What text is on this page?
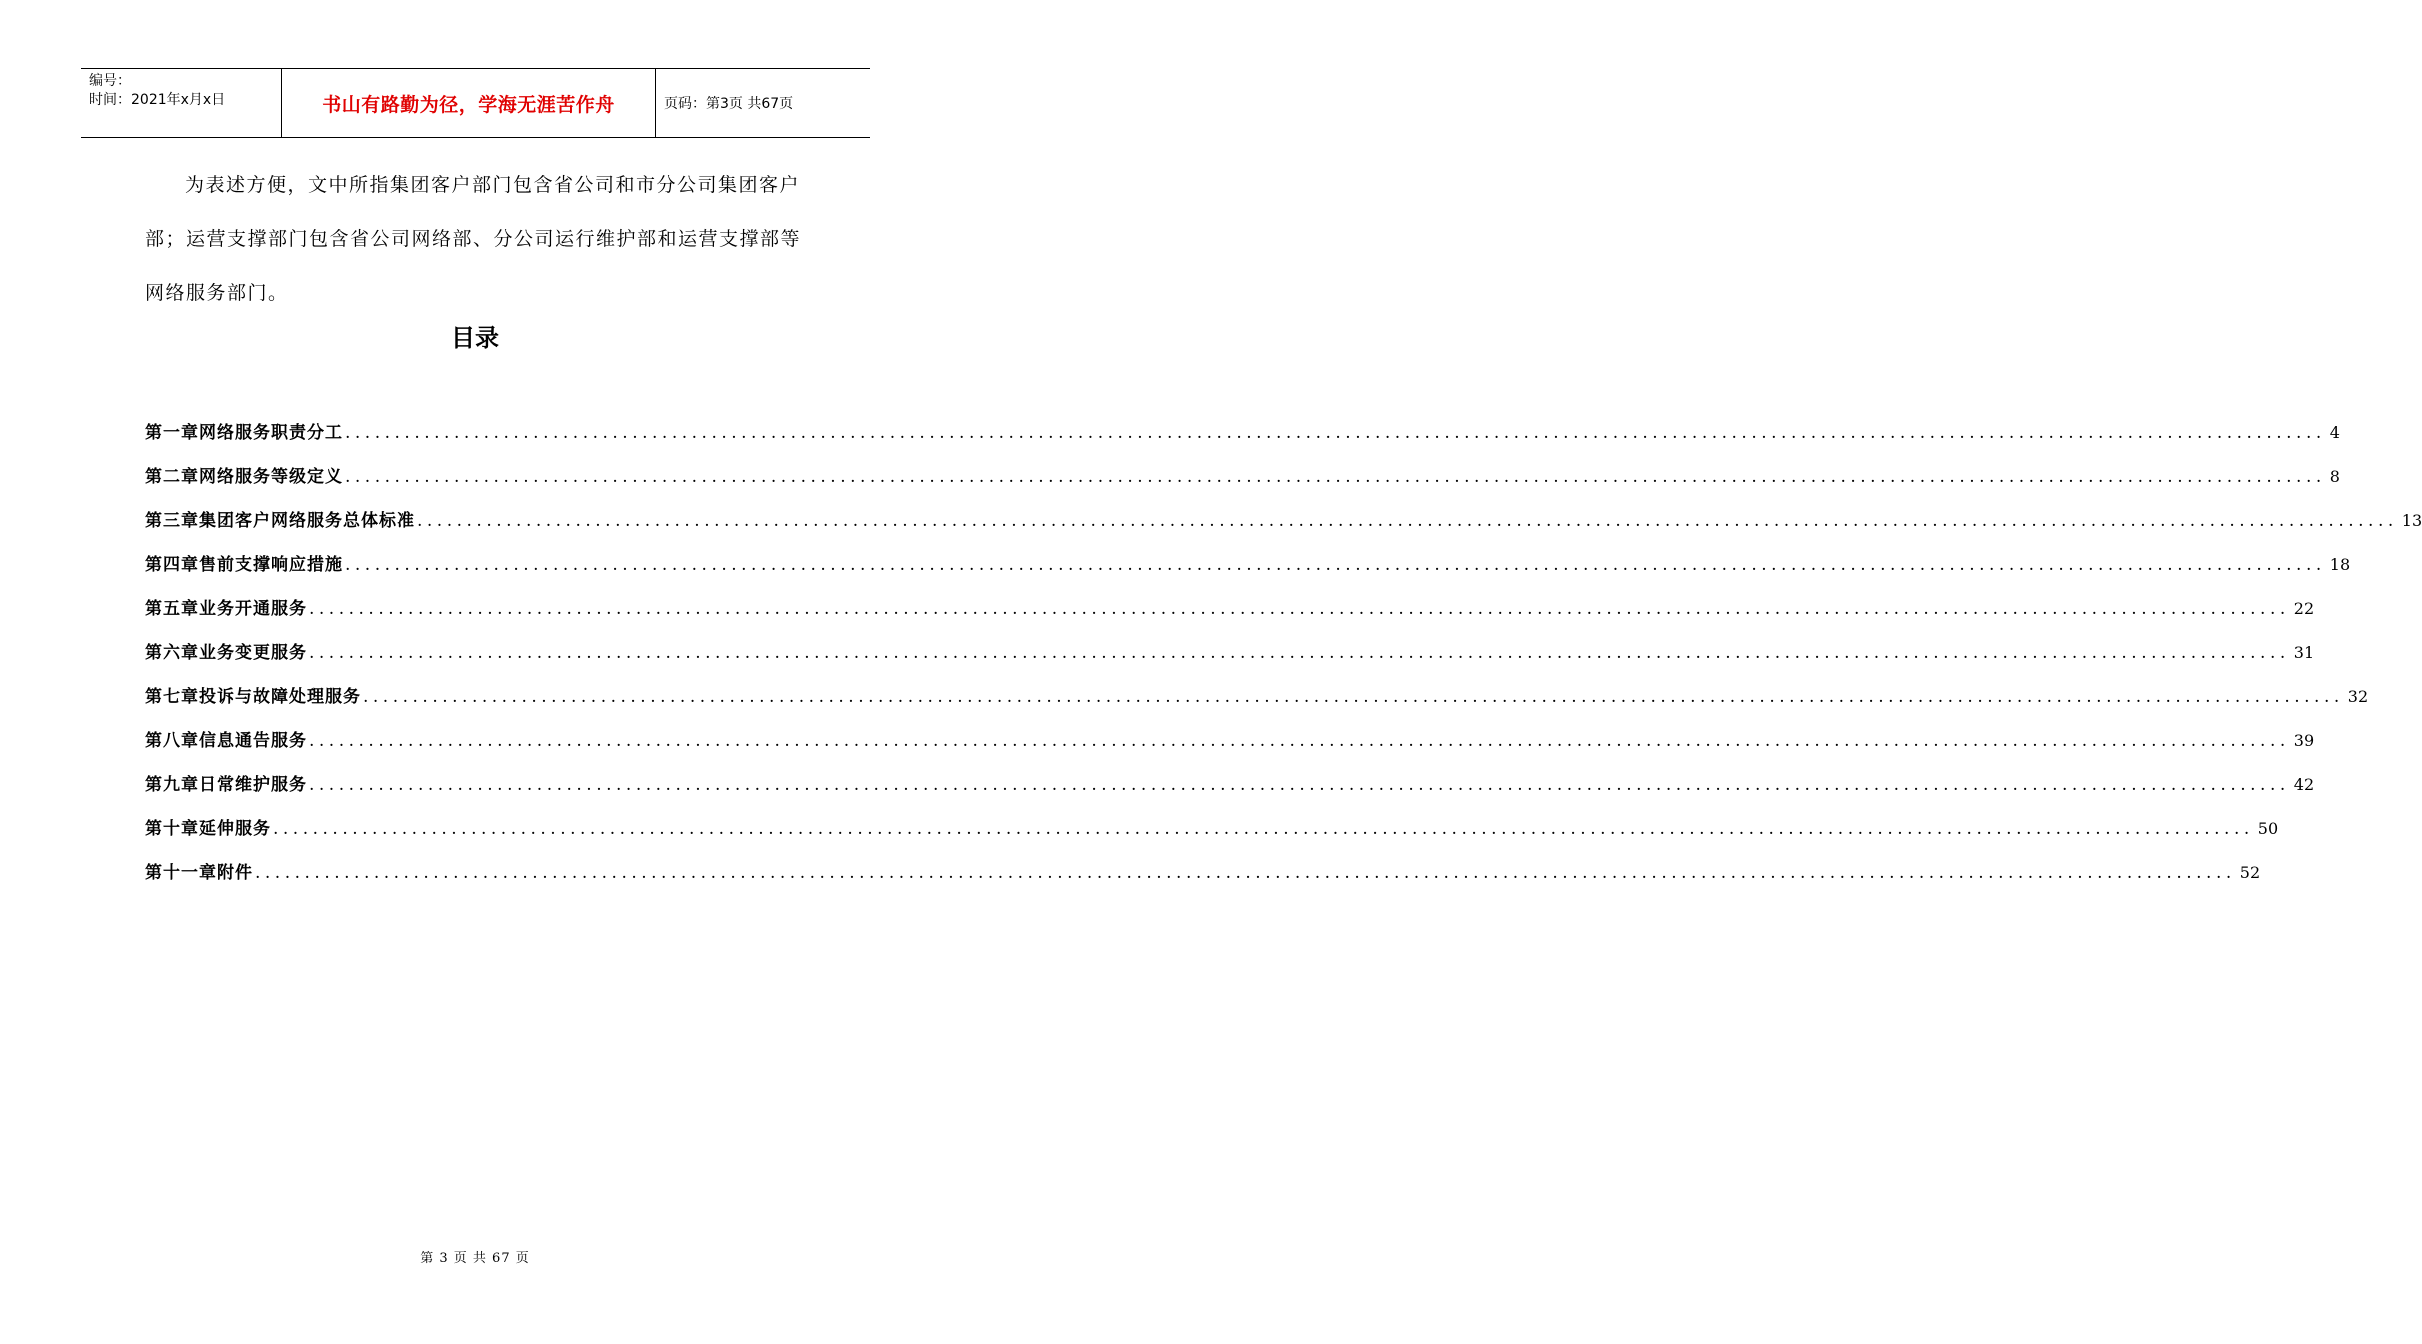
编号：
时间：2021年x月x日	书山有路勤为径，学海无涯苦作舟	页码：第3页 共67页
为表述方便，文中所指集团客户部门包含省公司和市分公司集团客户部；运营支撑部门包含省公司网络部、分公司运行维护部和运营支撑部等网络服务部门。
目录
第一章 网络服务职责分工 ........................................................................................................................................................................................................ 4
第二章 网络服务等级定义 ........................................................................................................................................................................................................ 8
第三章 集团客户网络服务总体标准 ........................................................................................................................................................................................................ 13
第四章 售前支撑响应措施 ........................................................................................................................................................................................................ 18
第五章 业务开通服务 ........................................................................................................................................................................................................ 22
第六章 业务变更服务 ........................................................................................................................................................................................................ 31
第七章 投诉与故障处理服务 ........................................................................................................................................................................................................ 32
第八章 信息通告服务 ........................................................................................................................................................................................................ 39
第九章 日常维护服务 ........................................................................................................................................................................................................ 42
第十章 延伸服务 ........................................................................................................................................................................................................ 50
第十一章 附件 ........................................................................................................................................................................................................ 52
第 3 页 共 67 页
